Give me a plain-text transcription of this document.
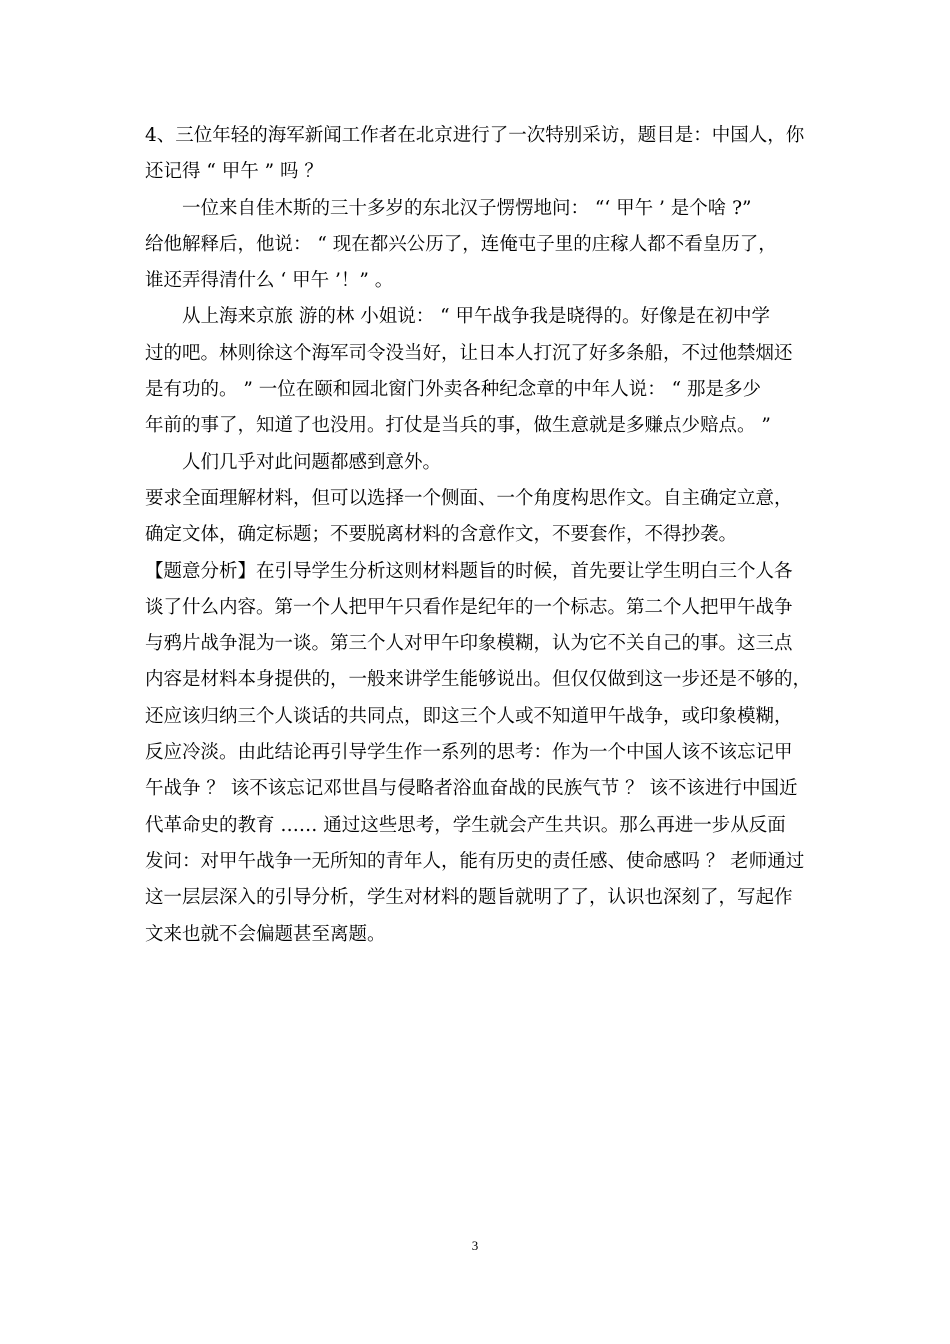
4、三位年轻的海军新闻工作者在北京进行了一次特别采访，题目是：中国人，你
还记得 “ 甲午 ” 吗 ？
一位来自佳木斯的三十多岁的东北汉子愣愣地问： “‘ 甲午 ’ 是个啥 ?”
给他解释后，他说： “ 现在都兴公历了，连俺屯子里的庄稼人都不看皇历了，
谁还弄得清什么 ‘ 甲午 ’！” 。
从上海来京旅 游的林 小姐说： “ 甲午战争我是晓得的。好像是在初中学
过的吧。林则徐这个海军司令没当好，让日本人打沉了好多条船，不过他禁烟还
是有功的。 ” 一位在颐和园北窗门外卖各种纪念章的中年人说： “ 那是多少
年前的事了，知道了也没用。打仗是当兵的事，做生意就是多赚点少赔点。 ”
人们几乎对此问题都感到意外。
要求全面理解材料，但可以选择一个侧面、一个角度构思作文。自主确定立意，
确定文体，确定标题；不要脱离材料的含意作文，不要套作，不得抄袭。
【题意分析】在引导学生分析这则材料题旨的时候，首先要让学生明白三个人各
谈了什么内容。第一个人把甲午只看作是纪年的一个标志。第二个人把甲午战争
与鸦片战争混为一谈。第三个人对甲午印象模糊，认为它不关自己的事。这三点
内容是材料本身提供的，一般来讲学生能够说出。但仅仅做到这一步还是不够的，
还应该归纳三个人谈话的共同点，即这三个人或不知道甲午战争，或印象模糊，
反应冷淡。由此结论再引导学生作一系列的思考：作为一个中国人该不该忘记甲
午战争 ？ 该不该忘记邓世昌与侵略者浴血奋战的民族气节 ？ 该不该进行中国近
代革命史的教育 …… 通过这些思考，学生就会产生共识。那么再进一步从反面
发问：对甲午战争一无所知的青年人，能有历史的责任感、使命感吗 ？ 老师通过
这一层层深入的引导分析，学生对材料的题旨就明了了，认识也深刻了，写起作
文来也就不会偏题甚至离题。
3
